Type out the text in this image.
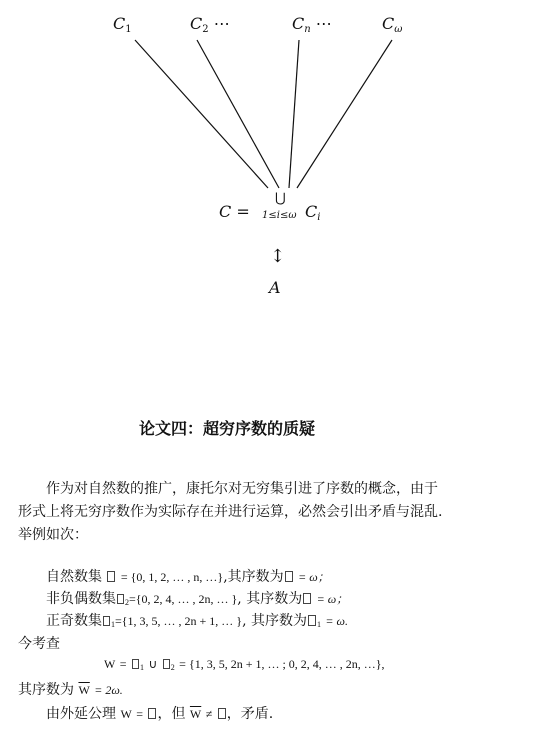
$C_1$	$C_2$ ⋯	$C_n$ ⋯	$C_\omega$
C =
⋃
1≤i≤ω $C_i$
↕
A
论文四：超穷序数的质疑
作为对自然数的推广，康托尔对无穷集引进了序数的概念，由于
形式上将无穷序数作为实际存在并进行运算，必然会引出矛盾与混乱.
举例如次：
自然数集 = {0, 1, 2, … , n, …},其序数为 = ω；
非负偶数集 2={0, 2, 4, … , 2n, … }, 其序数为 = ω；
正奇数集 1={1, 3, 5, … , 2n + 1, … }, 其序数为 1 = ω.
今考查
W = 1 ∪ 2 = {1, 3, 5, 2n + 1, … ; 0, 2, 4, … , 2n, …},
其序数为 $\overline{W} = 2\omega$.
由外延公理 W = ，但 $\overline{W}$ ≠ ，矛盾.
